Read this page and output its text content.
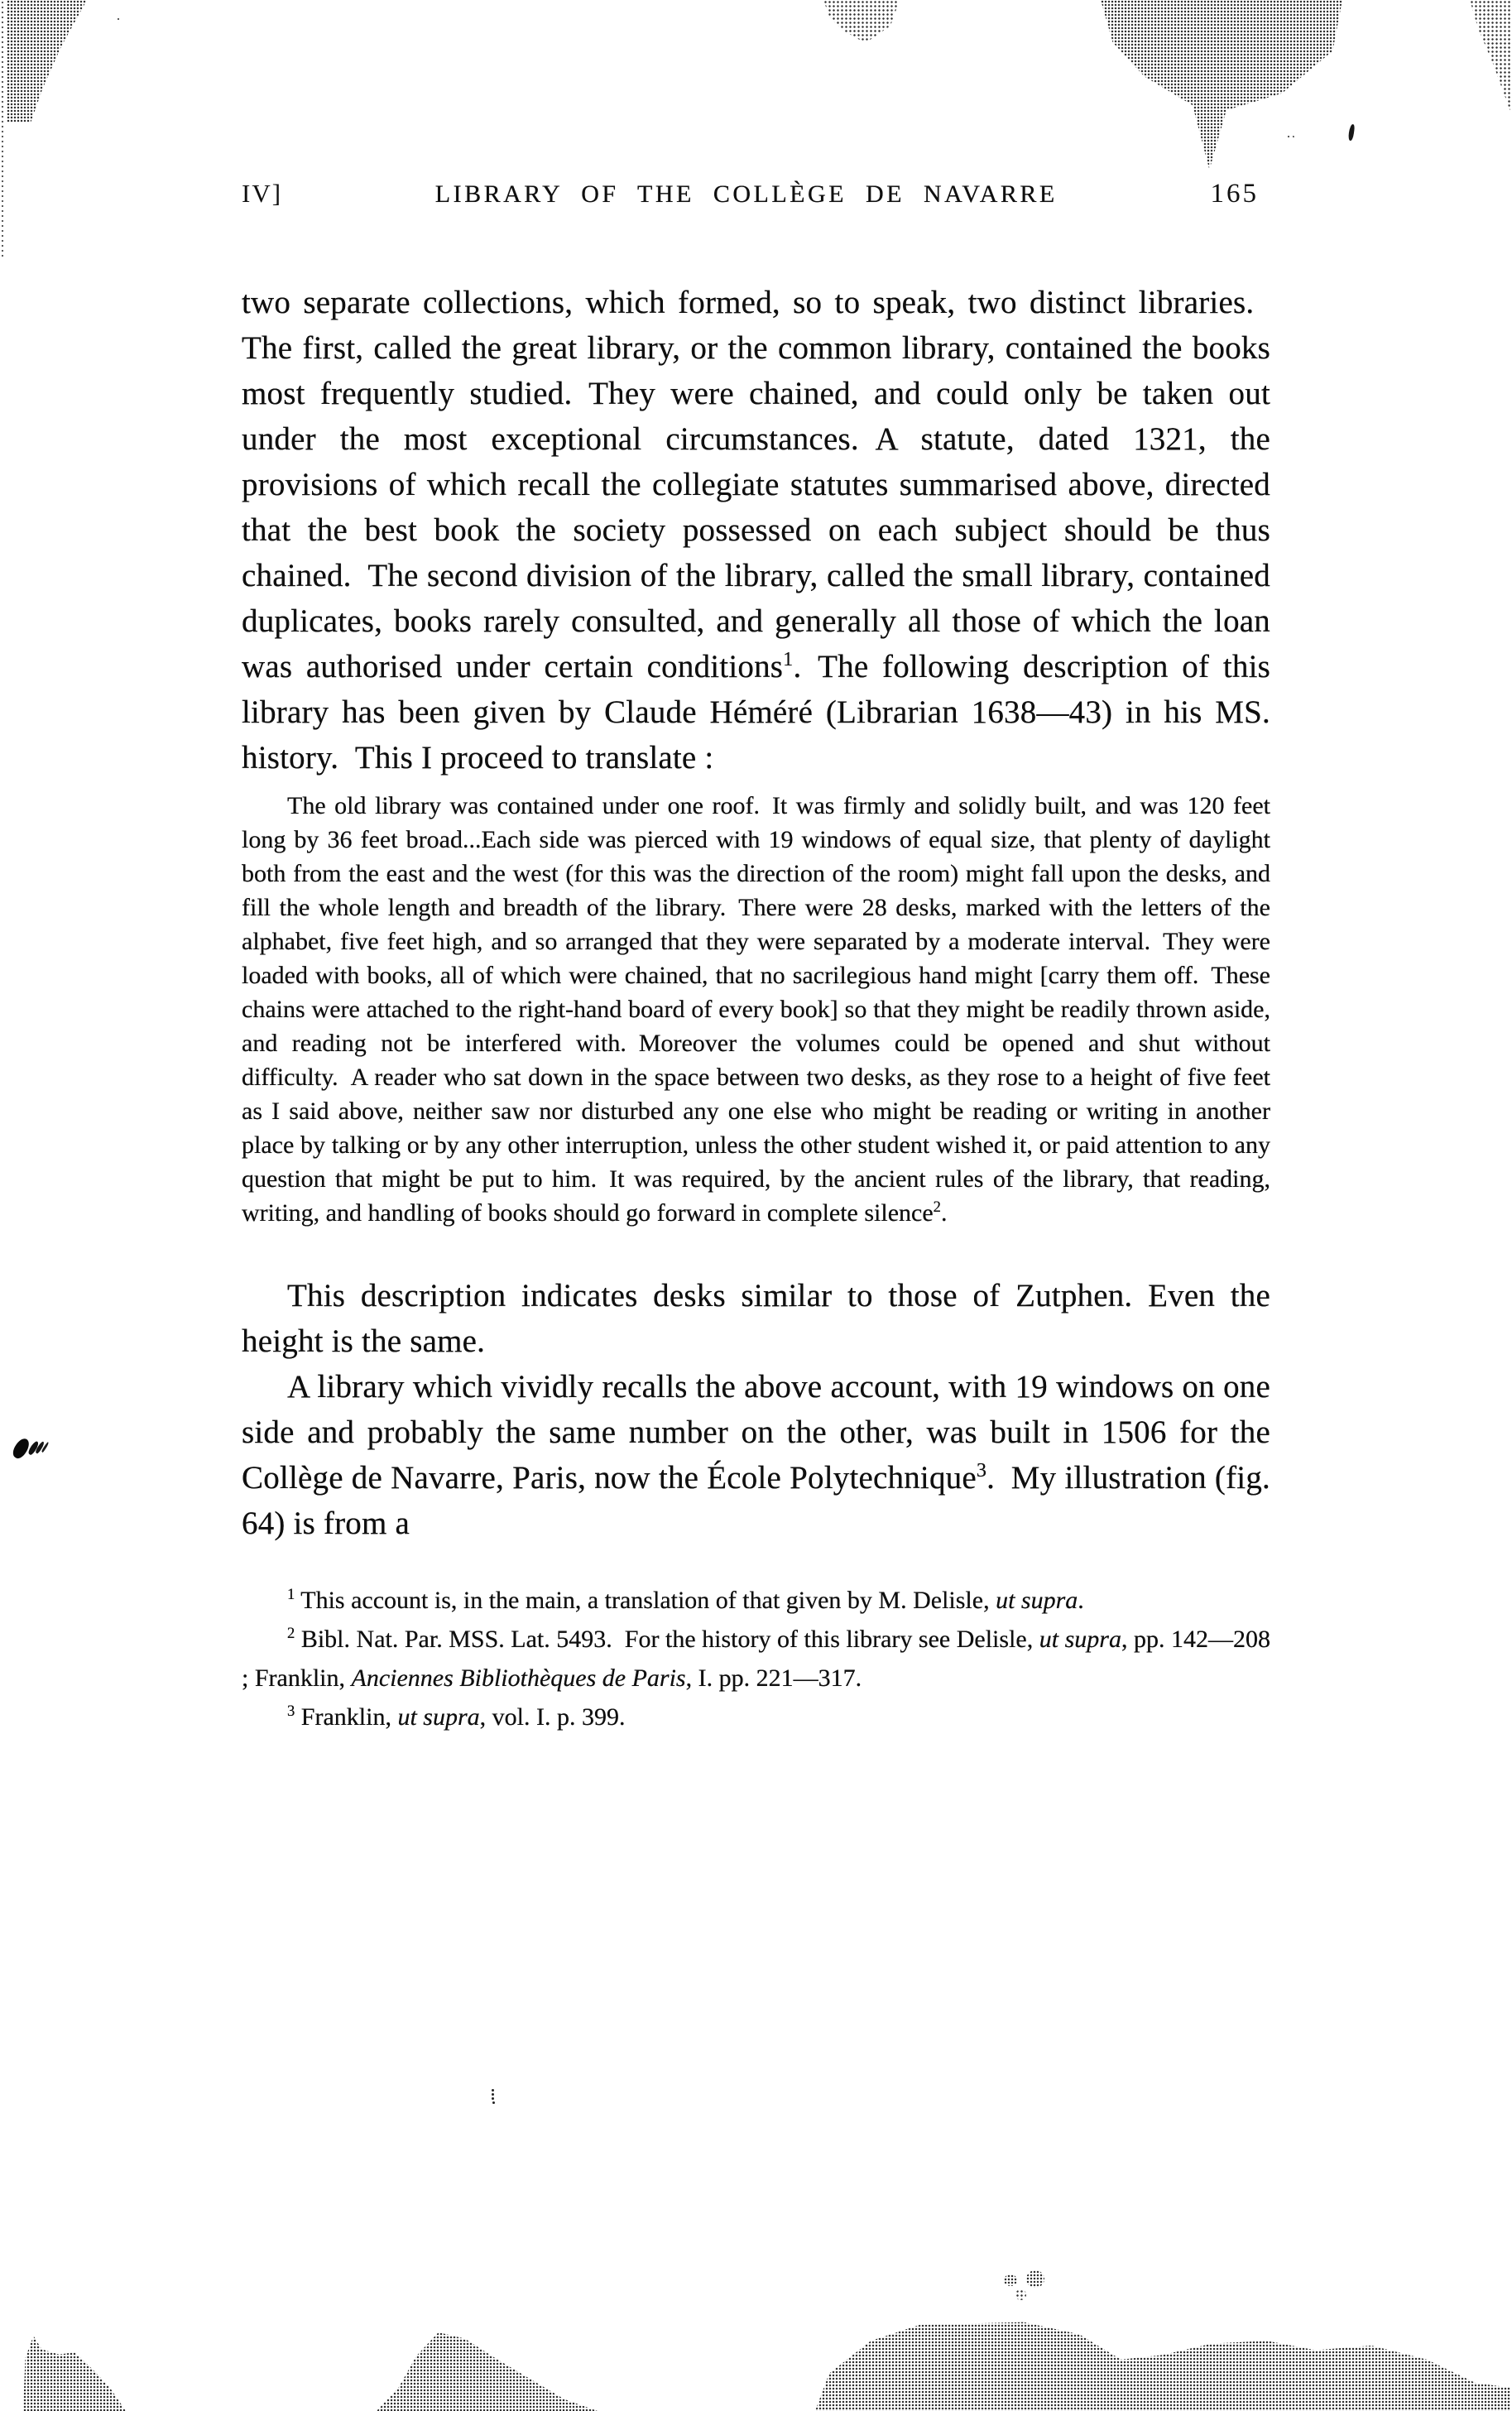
IV]	LIBRARY OF THE COLLÈGE DE NAVARRE	165

two separate collections, which formed, so to speak, two distinct libraries. The first, called the great library, or the common library, contained the books most frequently studied. They were chained, and could only be taken out under the most exceptional circumstances. A statute, dated 1321, the provisions of which recall the collegiate statutes summarised above, directed that the best book the society possessed on each subject should be thus chained. The second division of the library, called the small library, contained duplicates, books rarely consulted, and generally all those of which the loan was authorised under certain conditions$^1$. The following description of this library has been given by Claude Héméré (Librarian 1638—43) in his MS. history. This I proceed to translate :

The old library was contained under one roof. It was firmly and solidly built, and was 120 feet long by 36 feet broad...Each side was pierced with 19 windows of equal size, that plenty of daylight both from the east and the west (for this was the direction of the room) might fall upon the desks, and fill the whole length and breadth of the library. There were 28 desks, marked with the letters of the alphabet, five feet high, and so arranged that they were separated by a moderate interval. They were loaded with books, all of which were chained, that no sacrilegious hand might [carry them off. These chains were attached to the right-hand board of every book] so that they might be readily thrown aside, and reading not be interfered with. Moreover the volumes could be opened and shut without difficulty. A reader who sat down in the space between two desks, as they rose to a height of five feet as I said above, neither saw nor disturbed any one else who might be reading or writing in another place by talking or by any other interruption, unless the other student wished it, or paid attention to any question that might be put to him. It was required, by the ancient rules of the library, that reading, writing, and handling of books should go forward in complete silence$^2$.

This description indicates desks similar to those of Zutphen. Even the height is the same.

A library which vividly recalls the above account, with 19 windows on one side and probably the same number on the other, was built in 1506 for the Collège de Navarre, Paris, now the École Polytechnique$^3$. My illustration (fig. 64) is from a

$^1$ This account is, in the main, a translation of that given by M. Delisle, ut supra.

$^2$ Bibl. Nat. Par. MSS. Lat. 5493. For the history of this library see Delisle, ut supra, pp. 142—208 ; Franklin, Anciennes Bibliothèques de Paris, I. pp. 221—317.

$^3$ Franklin, ut supra, vol. I. p. 399.
